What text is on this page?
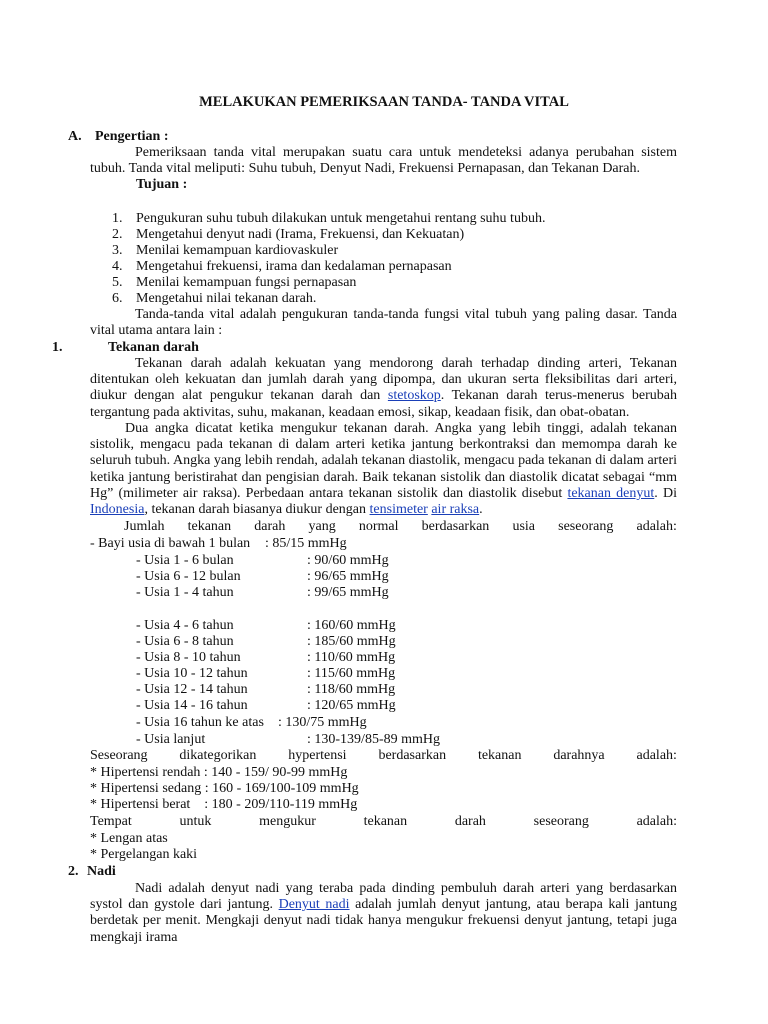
MELAKUKAN PEMERIKSAAN TANDA- TANDA VITAL
A. Pengertian :
Pemeriksaan tanda vital merupakan suatu cara untuk mendeteksi adanya perubahan sistem tubuh. Tanda vital meliputi: Suhu tubuh, Denyut Nadi, Frekuensi Pernapasan, dan Tekanan Darah.
Tujuan :
1. Pengukuran suhu tubuh dilakukan untuk mengetahui rentang suhu tubuh.
2. Mengetahui denyut nadi (Irama, Frekuensi, dan Kekuatan)
3. Menilai kemampuan kardiovaskuler
4. Mengetahui frekuensi, irama dan kedalaman pernapasan
5. Menilai kemampuan fungsi pernapasan
6. Mengetahui nilai tekanan darah.
Tanda-tanda vital adalah pengukuran tanda-tanda fungsi vital tubuh yang paling dasar. Tanda vital utama antara lain :
1.	Tekanan darah
Tekanan darah adalah kekuatan yang mendorong darah terhadap dinding arteri, Tekanan ditentukan oleh kekuatan dan jumlah darah yang dipompa, dan ukuran serta fleksibilitas dari arteri, diukur dengan alat pengukur tekanan darah dan stetoskop. Tekanan darah terus-menerus berubah tergantung pada aktivitas, suhu, makanan, keadaan emosi, sikap, keadaan fisik, dan obat-obatan.
Dua angka dicatat ketika mengukur tekanan darah. Angka yang lebih tinggi, adalah tekanan sistolik, mengacu pada tekanan di dalam arteri ketika jantung berkontraksi dan memompa darah ke seluruh tubuh. Angka yang lebih rendah, adalah tekanan diastolik, mengacu pada tekanan di dalam arteri ketika jantung beristirahat dan pengisian darah. Baik tekanan sistolik dan diastolik dicatat sebagai “mm Hg” (milimeter air raksa). Perbedaan antara tekanan sistolik dan diastolik disebut tekanan denyut. Di Indonesia, tekanan darah biasanya diukur dengan tensimeter air raksa.
Jumlah tekanan darah yang normal berdasarkan usia seseorang adalah:
- Bayi usia di bawah 1 bulan : 85/15 mmHg
- Usia 1 - 6 bulan	: 90/60 mmHg
- Usia 6 - 12 bulan	: 96/65 mmHg
- Usia 1 - 4 tahun	: 99/65 mmHg
- Usia 4 - 6 tahun	: 160/60 mmHg
- Usia 6 - 8 tahun	: 185/60 mmHg
- Usia 8 - 10 tahun	: 110/60 mmHg
- Usia 10 - 12 tahun	: 115/60 mmHg
- Usia 12 - 14 tahun	: 118/60 mmHg
- Usia 14 - 16 tahun	: 120/65 mmHg
- Usia 16 tahun ke atas : 130/75 mmHg
- Usia lanjut	: 130-139/85-89 mmHg
Seseorang dikategorikan hypertensi berdasarkan tekanan darahnya adalah:
* Hipertensi rendah : 140 - 159/ 90-99 mmHg
* Hipertensi sedang : 160 - 169/100-109 mmHg
* Hipertensi berat    : 180 - 209/110-119 mmHg
Tempat	untuk	mengukur	tekanan	darah	seseorang	adalah:
* Lengan atas
* Pergelangan kaki
2. Nadi
Nadi adalah denyut nadi yang teraba pada dinding pembuluh darah arteri yang berdasarkan systol dan gystole dari jantung. Denyut nadi adalah jumlah denyut jantung, atau berapa kali jantung berdetak per menit. Mengkaji denyut nadi tidak hanya mengukur frekuensi denyut jantung, tetapi juga mengkaji irama
